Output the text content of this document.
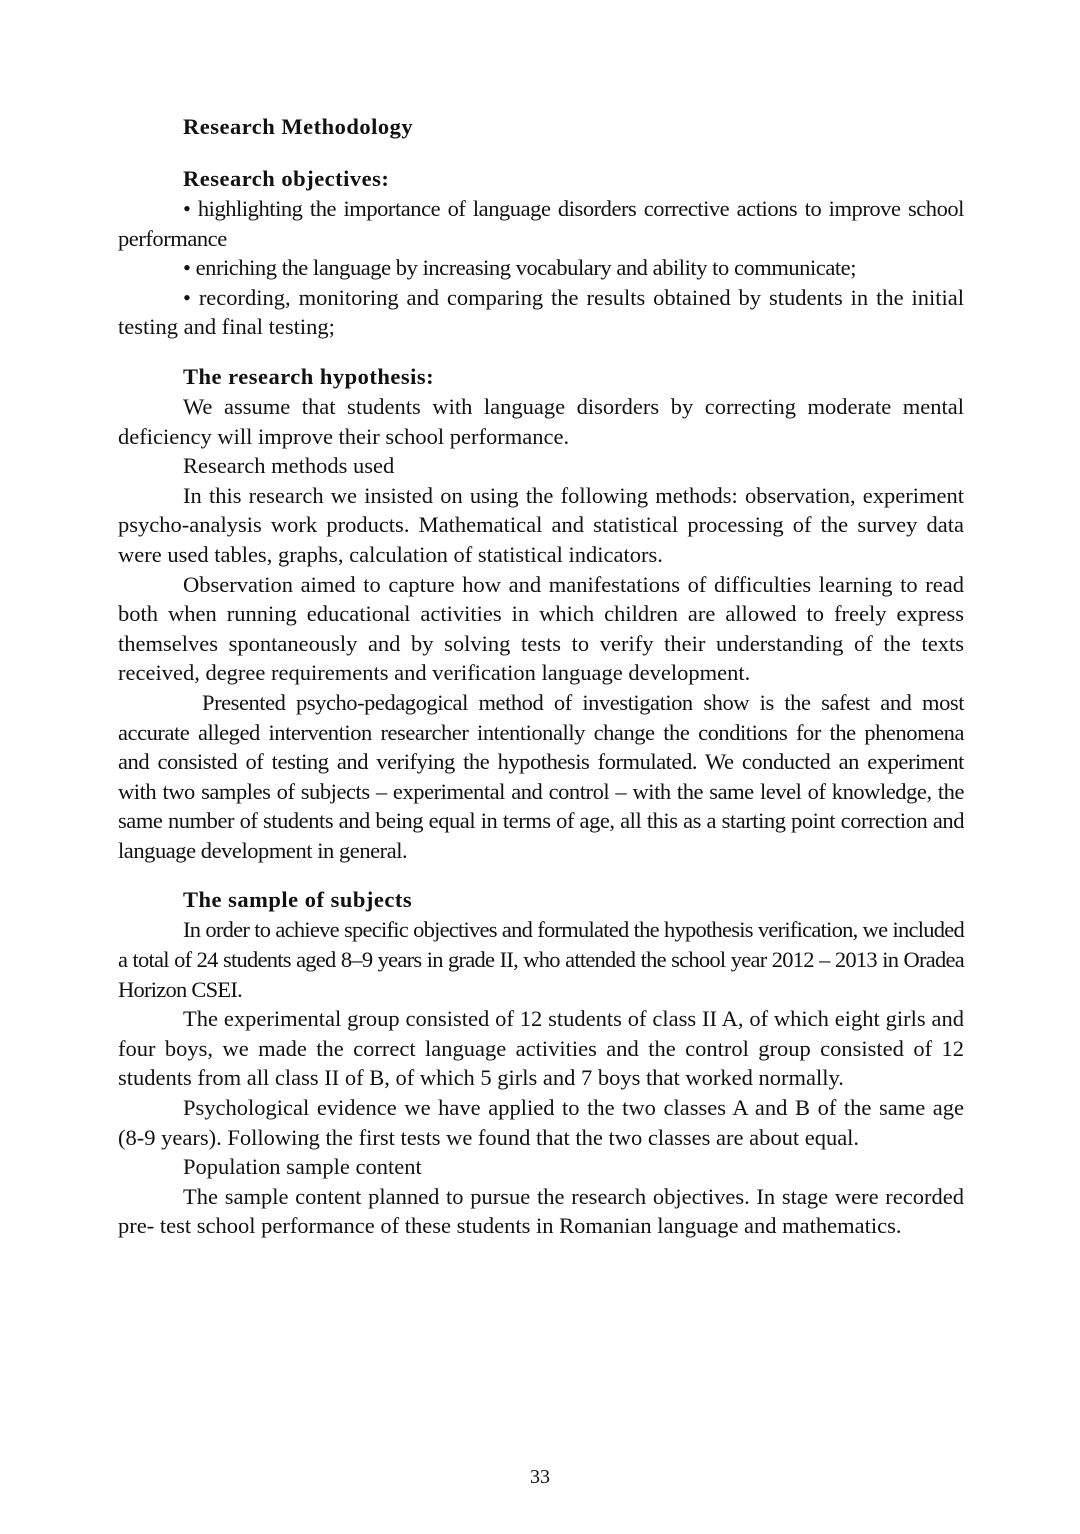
Research Methodology

Research objectives:

• highlighting the importance of language disorders corrective actions to improve school performance

• enriching the language by increasing vocabulary and ability to communicate;

• recording, monitoring and comparing the results obtained by students in the initial testing and final testing;

The research hypothesis:

We assume that students with language disorders by correcting moderate mental deficiency will improve their school performance.

Research methods used

In this research we insisted on using the following methods: observation, experiment psycho-analysis work products. Mathematical and statistical processing of the survey data were used tables, graphs, calculation of statistical indicators.

Observation aimed to capture how and manifestations of difficulties learning to read both when running educational activities in which children are allowed to freely express themselves spontaneously and by solving tests to verify their understanding of the texts received, degree requirements and verification language development.

Presented psycho-pedagogical method of investigation show is the safest and most accurate alleged intervention researcher intentionally change the conditions for the phenomena and consisted of testing and verifying the hypothesis formulated. We conducted an experiment with two samples of subjects – experimental and control – with the same level of knowledge, the same number of students and being equal in terms of age, all this as a starting point correction and language development in general.

The sample of subjects

In order to achieve specific objectives and formulated the hypothesis verification, we included a total of 24 students aged 8–9 years in grade II, who attended the school year 2012 – 2013 in Oradea Horizon CSEI.

The experimental group consisted of 12 students of class II A, of which eight girls and four boys, we made the correct language activities and the control group consisted of 12 students from all class II of B, of which 5 girls and 7 boys that worked normally.

Psychological evidence we have applied to the two classes A and B of the same age (8-9 years). Following the first tests we found that the two classes are about equal.

Population sample content

The sample content planned to pursue the research objectives. In stage were recorded pre- test school performance of these students in Romanian language and mathematics.

33
